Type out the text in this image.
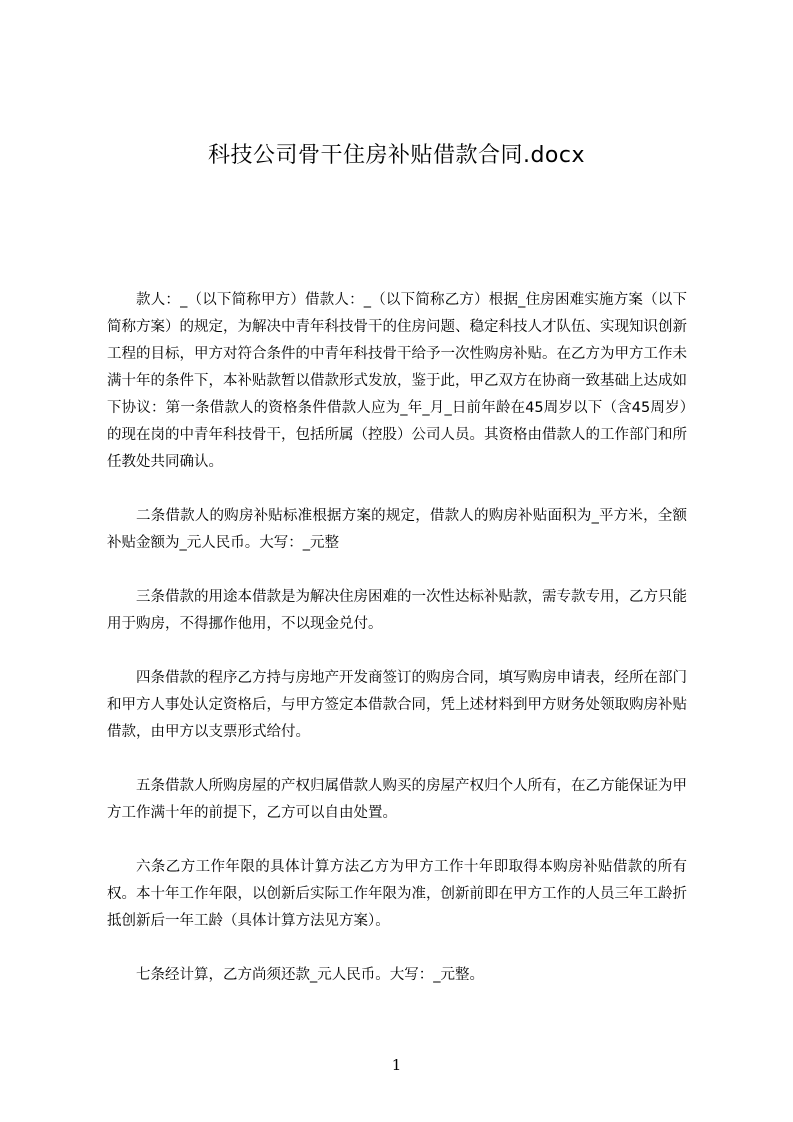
科技公司骨干住房补贴借款合同.docx

款人：_（以下简称甲方）借款人：_（以下简称乙方）根据_住房困难实施方案（以下简称方案）的规定，为解决中青年科技骨干的住房问题、稳定科技人才队伍、实现知识创新工程的目标，甲方对符合条件的中青年科技骨干给予一次性购房补贴。在乙方为甲方工作未满十年的条件下，本补贴款暂以借款形式发放，鉴于此，甲乙双方在协商一致基础上达成如下协议：第一条借款人的资格条件借款人应为_年_月_日前年龄在45周岁以下（含45周岁）的现在岗的中青年科技骨干，包括所属（控股）公司人员。其资格由借款人的工作部门和所任教处共同确认。

二条借款人的购房补贴标准根据方案的规定，借款人的购房补贴面积为_平方米，全额补贴金额为_元人民币。大写：_元整

三条借款的用途本借款是为解决住房困难的一次性达标补贴款，需专款专用，乙方只能用于购房，不得挪作他用，不以现金兑付。

四条借款的程序乙方持与房地产开发商签订的购房合同，填写购房申请表，经所在部门和甲方人事处认定资格后，与甲方签定本借款合同，凭上述材料到甲方财务处领取购房补贴借款，由甲方以支票形式给付。

五条借款人所购房屋的产权归属借款人购买的房屋产权归个人所有，在乙方能保证为甲方工作满十年的前提下，乙方可以自由处置。

六条乙方工作年限的具体计算方法乙方为甲方工作十年即取得本购房补贴借款的所有权。本十年工作年限，以创新后实际工作年限为准，创新前即在甲方工作的人员三年工龄折抵创新后一年工龄（具体计算方法见方案）。

七条经计算，乙方尚须还款_元人民币。大写：_元整。

1
